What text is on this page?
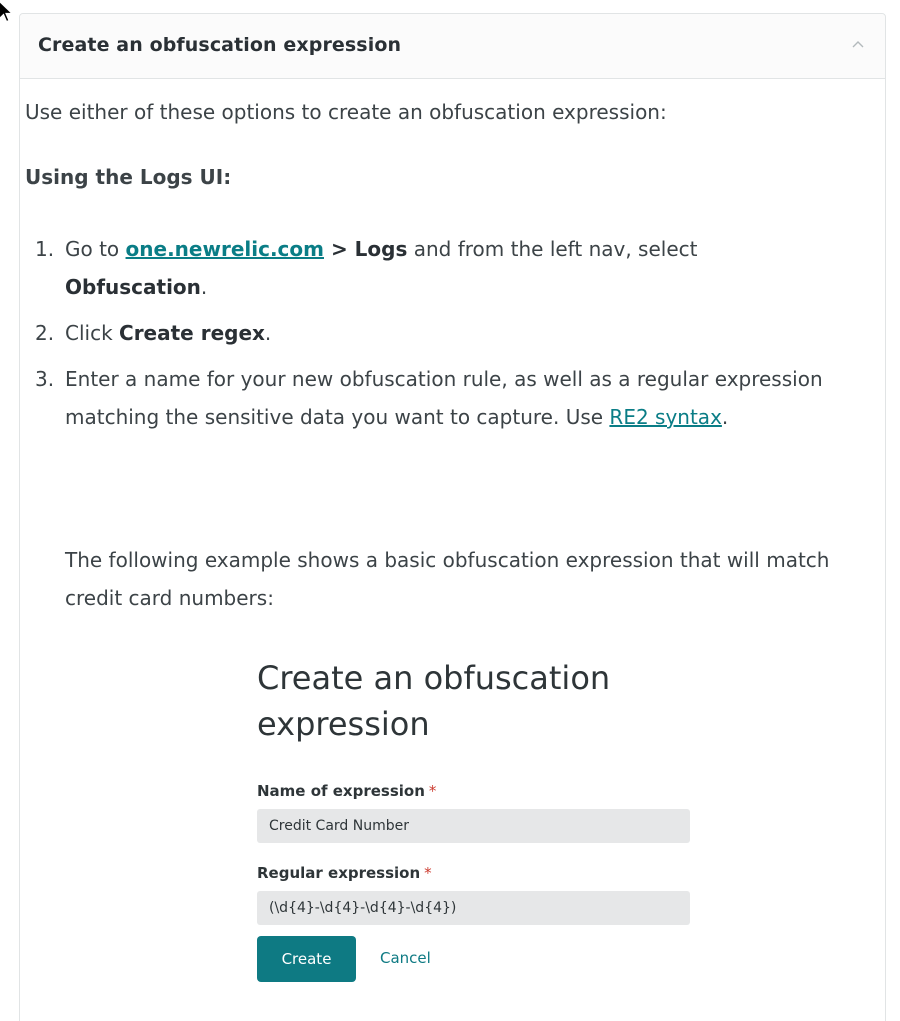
Create an obfuscation expression

Use either of these options to create an obfuscation expression:

Using the Logs UI:

1. Go to one.newrelic.com > Logs and from the left nav, select
Obfuscation.
2. Click Create regex.
3. Enter a name for your new obfuscation rule, as well as a regular expression matching the sensitive data you want to capture. Use RE2 syntax.

The following example shows a basic obfuscation expression that will match credit card numbers:

Create an obfuscation expression
Name of expression *
Credit Card Number
Regular expression *
(\d{4}-\d{4}-\d{4}-\d{4})
Create	Cancel
